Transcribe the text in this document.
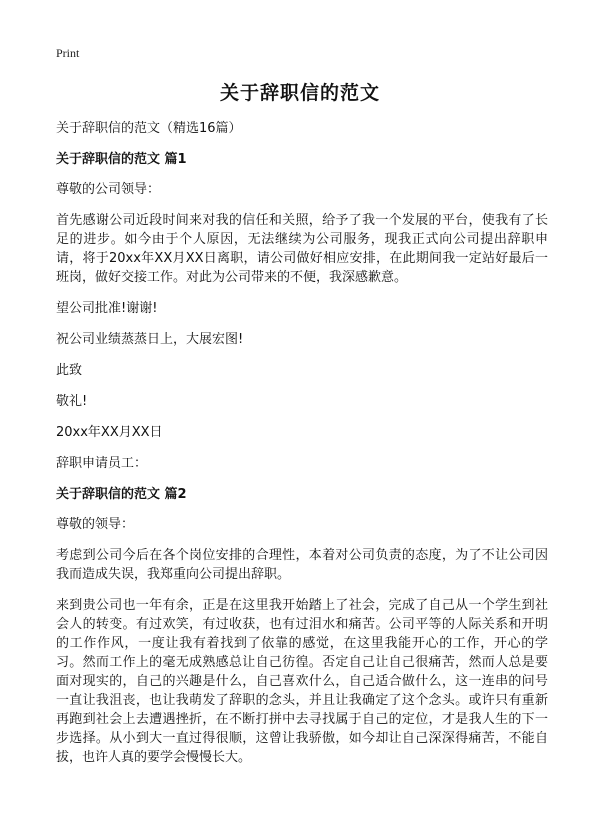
Print
关于辞职信的范文

关于辞职信的范文（精选16篇）

关于辞职信的范文 篇1

尊敬的公司领导：

首先感谢公司近段时间来对我的信任和关照，给予了我一个发展的平台，使我有了长足的进步。如今由于个人原因，无法继续为公司服务，现我正式向公司提出辞职申请，将于20xx年XX月XX日离职，请公司做好相应安排，在此期间我一定站好最后一班岗，做好交接工作。对此为公司带来的不便，我深感歉意。

望公司批准!谢谢!

祝公司业绩蒸蒸日上，大展宏图!

此致

敬礼!

20xx年XX月XX日

辞职申请员工：

关于辞职信的范文 篇2

尊敬的领导：

考虑到公司今后在各个岗位安排的合理性，本着对公司负责的态度，为了不让公司因我而造成失误，我郑重向公司提出辞职。

来到贵公司也一年有余，正是在这里我开始踏上了社会，完成了自己从一个学生到社会人的转变。有过欢笑，有过收获，也有过泪水和痛苦。公司平等的人际关系和开明的工作作风，一度让我有着找到了依靠的感觉，在这里我能开心的工作，开心的学习。然而工作上的毫无成熟感总让自己彷徨。否定自己让自己很痛苦，然而人总是要面对现实的，自己的兴趣是什么，自己喜欢什么，自己适合做什么，这一连串的问号一直让我沮丧，也让我萌发了辞职的念头，并且让我确定了这个念头。或许只有重新再跑到社会上去遭遇挫折，在不断打拼中去寻找属于自己的定位，才是我人生的下一步选择。从小到大一直过得很顺，这曾让我骄傲，如今却让自己深深得痛苦，不能自拔，也许人真的要学会慢慢长大。
